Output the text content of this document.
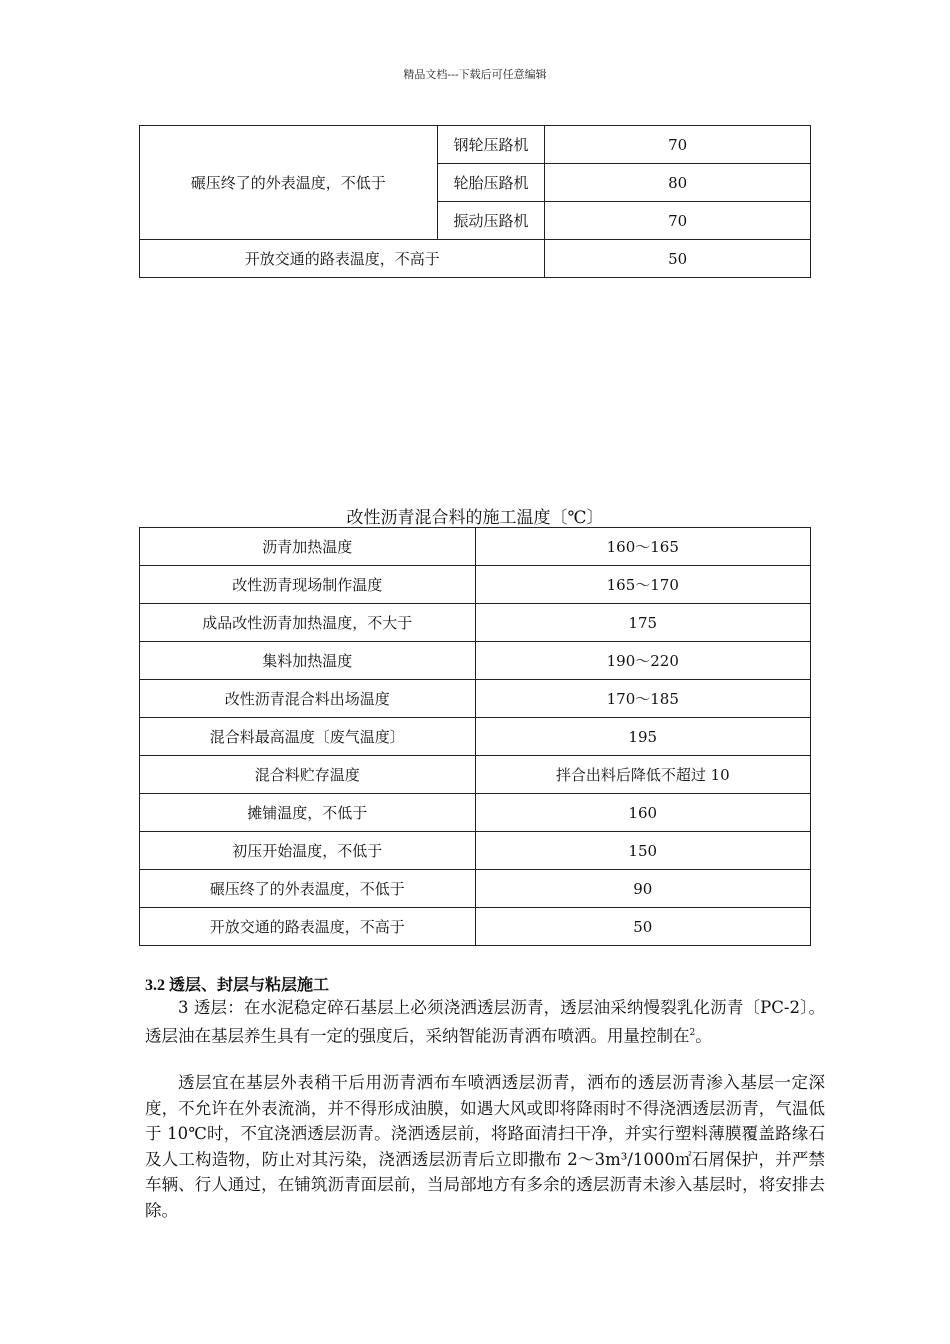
精品文档---下载后可任意编辑
碾压终了的外表温度，不低于	钢轮压路机	70
	轮胎压路机	80
	振动压路机	70
开放交通的路表温度，不高于		50
改性沥青混合料的施工温度〔℃〕
沥青加热温度	160～165
改性沥青现场制作温度	165～170
成品改性沥青加热温度，不大于	175
集料加热温度	190～220
改性沥青混合料出场温度	170～185
混合料最高温度〔废气温度〕	195
混合料贮存温度	拌合出料后降低不超过 10
摊铺温度，不低于	160
初压开始温度，不低于	150
碾压终了的外表温度，不低于	90
开放交通的路表温度，不高于	50
3.2 透层、封层与粘层施工
3 透层：在水泥稳定碎石基层上必须浇洒透层沥青，透层油采纳慢裂乳化沥青〔PC-2〕。透层油在基层养生具有一定的强度后，采纳智能沥青洒布喷洒。用量控制在$^2$。
透层宜在基层外表稍干后用沥青洒布车喷洒透层沥青，洒布的透层沥青渗入基层一定深度，不允许在外表流淌，并不得形成油膜，如遇大风或即将降雨时不得浇洒透层沥青，气温低于 10℃时，不宜浇洒透层沥青。浇洒透层前，将路面清扫干净，并实行塑料薄膜覆盖路缘石及人工构造物，防止对其污染，浇洒透层沥青后立即撒布 2～3m³/1000㎡石屑保护，并严禁车辆、行人通过，在铺筑沥青面层前，当局部地方有多余的透层沥青未渗入基层时，将安排去除。
